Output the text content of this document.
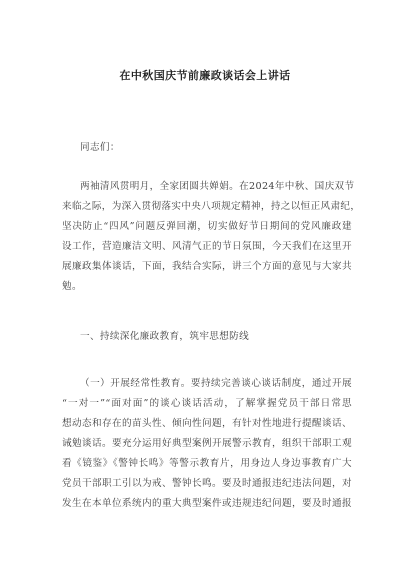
在中秋国庆节前廉政谈话会上讲话
同志们：
两袖清风贯明月，全家团圆共婵娟。在2024年中秋、国庆双节
来临之际，为深入贯彻落实中央八项规定精神，持之以恒正风肃纪，
坚决防止“四风”问题反弹回潮，切实做好节日期间的党风廉政建
设工作，营造廉洁文明、风清气正的节日氛围，今天我们在这里开
展廉政集体谈话，下面，我结合实际，讲三个方面的意见与大家共
勉。
一、持续深化廉政教育，筑牢思想防线
（一）开展经常性教育。要持续完善谈心谈话制度，通过开展
“一对一”“面对面”的谈心谈话活动，了解掌握党员干部日常思
想动态和存在的苗头性、倾向性问题，有针对性地进行提醒谈话、
诫勉谈话。要充分运用好典型案例开展警示教育，组织干部职工观
看《镜鉴》《警钟长鸣》等警示教育片，用身边人身边事教育广大
党员干部职工引以为戒、警钟长鸣。要及时通报违纪违法问题，对
发生在本单位系统内的重大典型案件或违规违纪问题，要及时通报
